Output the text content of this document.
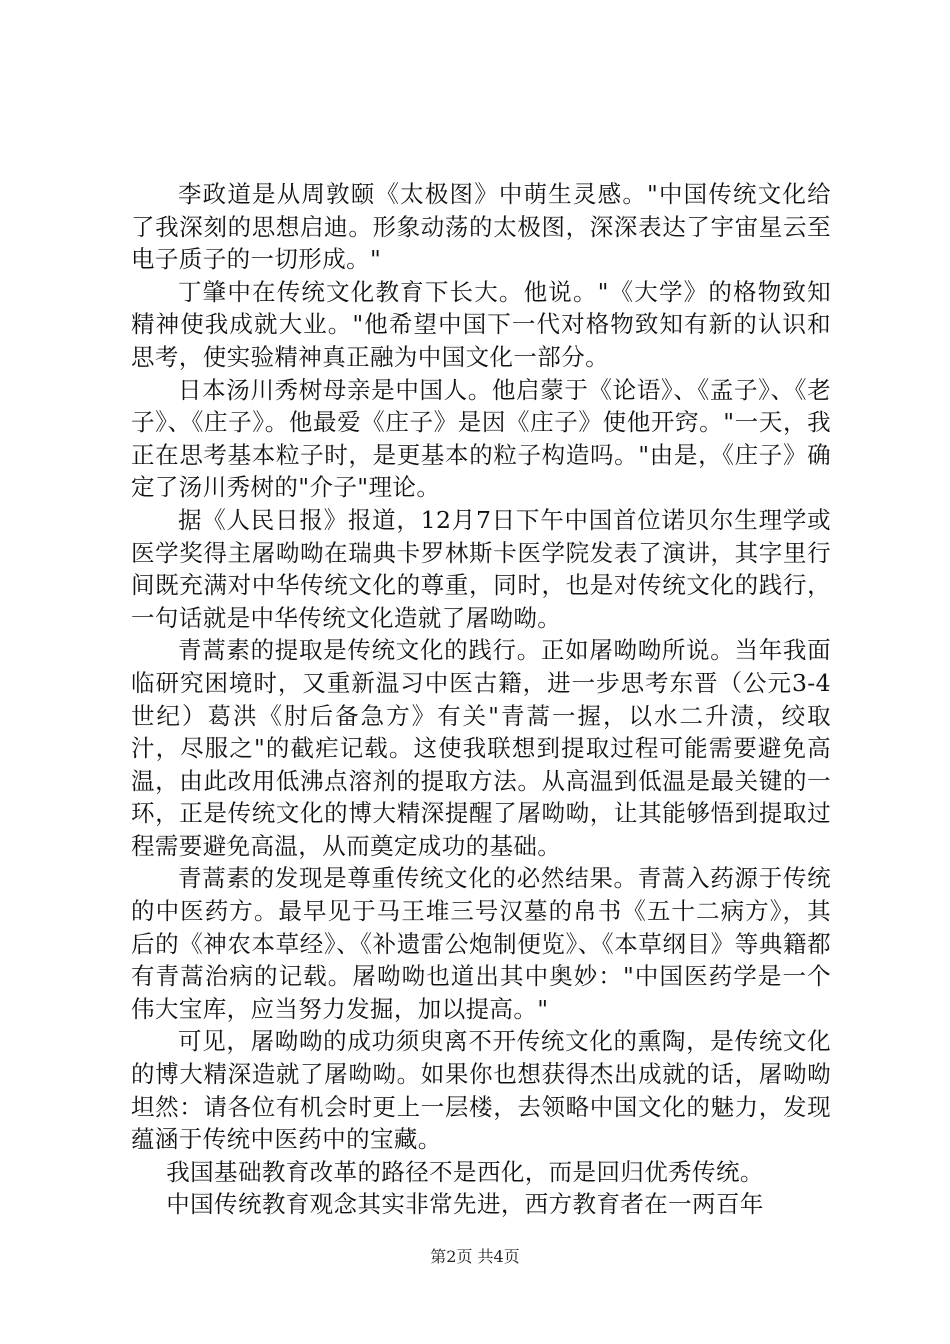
李政道是从周敦颐《太极图》中萌生灵感。"中国传统文化给了我深刻的思想启迪。形象动荡的太极图，深深表达了宇宙星云至电子质子的一切形成。"

丁肇中在传统文化教育下长大。他说。"《大学》的格物致知精神使我成就大业。"他希望中国下一代对格物致知有新的认识和思考，使实验精神真正融为中国文化一部分。

日本汤川秀树母亲是中国人。他启蒙于《论语》、《孟子》、《老子》、《庄子》。他最爱《庄子》是因《庄子》使他开窍。"一天，我正在思考基本粒子时，是更基本的粒子构造吗。"由是，《庄子》确定了汤川秀树的"介子"理论。

据《人民日报》报道，12月7日下午中国首位诺贝尔生理学或医学奖得主屠呦呦在瑞典卡罗林斯卡医学院发表了演讲，其字里行间既充满对中华传统文化的尊重，同时，也是对传统文化的践行，一句话就是中华传统文化造就了屠呦呦。

青蒿素的提取是传统文化的践行。正如屠呦呦所说。当年我面临研究困境时，又重新温习中医古籍，进一步思考东晋（公元3-4世纪）葛洪《肘后备急方》有关"青蒿一握，以水二升渍，绞取汁，尽服之"的截疟记载。这使我联想到提取过程可能需要避免高温，由此改用低沸点溶剂的提取方法。从高温到低温是最关键的一环，正是传统文化的博大精深提醒了屠呦呦，让其能够悟到提取过程需要避免高温，从而奠定成功的基础。

青蒿素的发现是尊重传统文化的必然结果。青蒿入药源于传统的中医药方。最早见于马王堆三号汉墓的帛书《五十二病方》，其后的《神农本草经》、《补遗雷公炮制便览》、《本草纲目》等典籍都有青蒿治病的记载。屠呦呦也道出其中奥妙："中国医药学是一个伟大宝库，应当努力发掘，加以提高。"

可见，屠呦呦的成功须臾离不开传统文化的熏陶，是传统文化的博大精深造就了屠呦呦。如果你也想获得杰出成就的话，屠呦呦坦然：请各位有机会时更上一层楼，去领略中国文化的魅力，发现蕴涵于传统中医药中的宝藏。

我国基础教育改革的路径不是西化，而是回归优秀传统。

中国传统教育观念其实非常先进，西方教育者在一两百年

第2页 共4页
